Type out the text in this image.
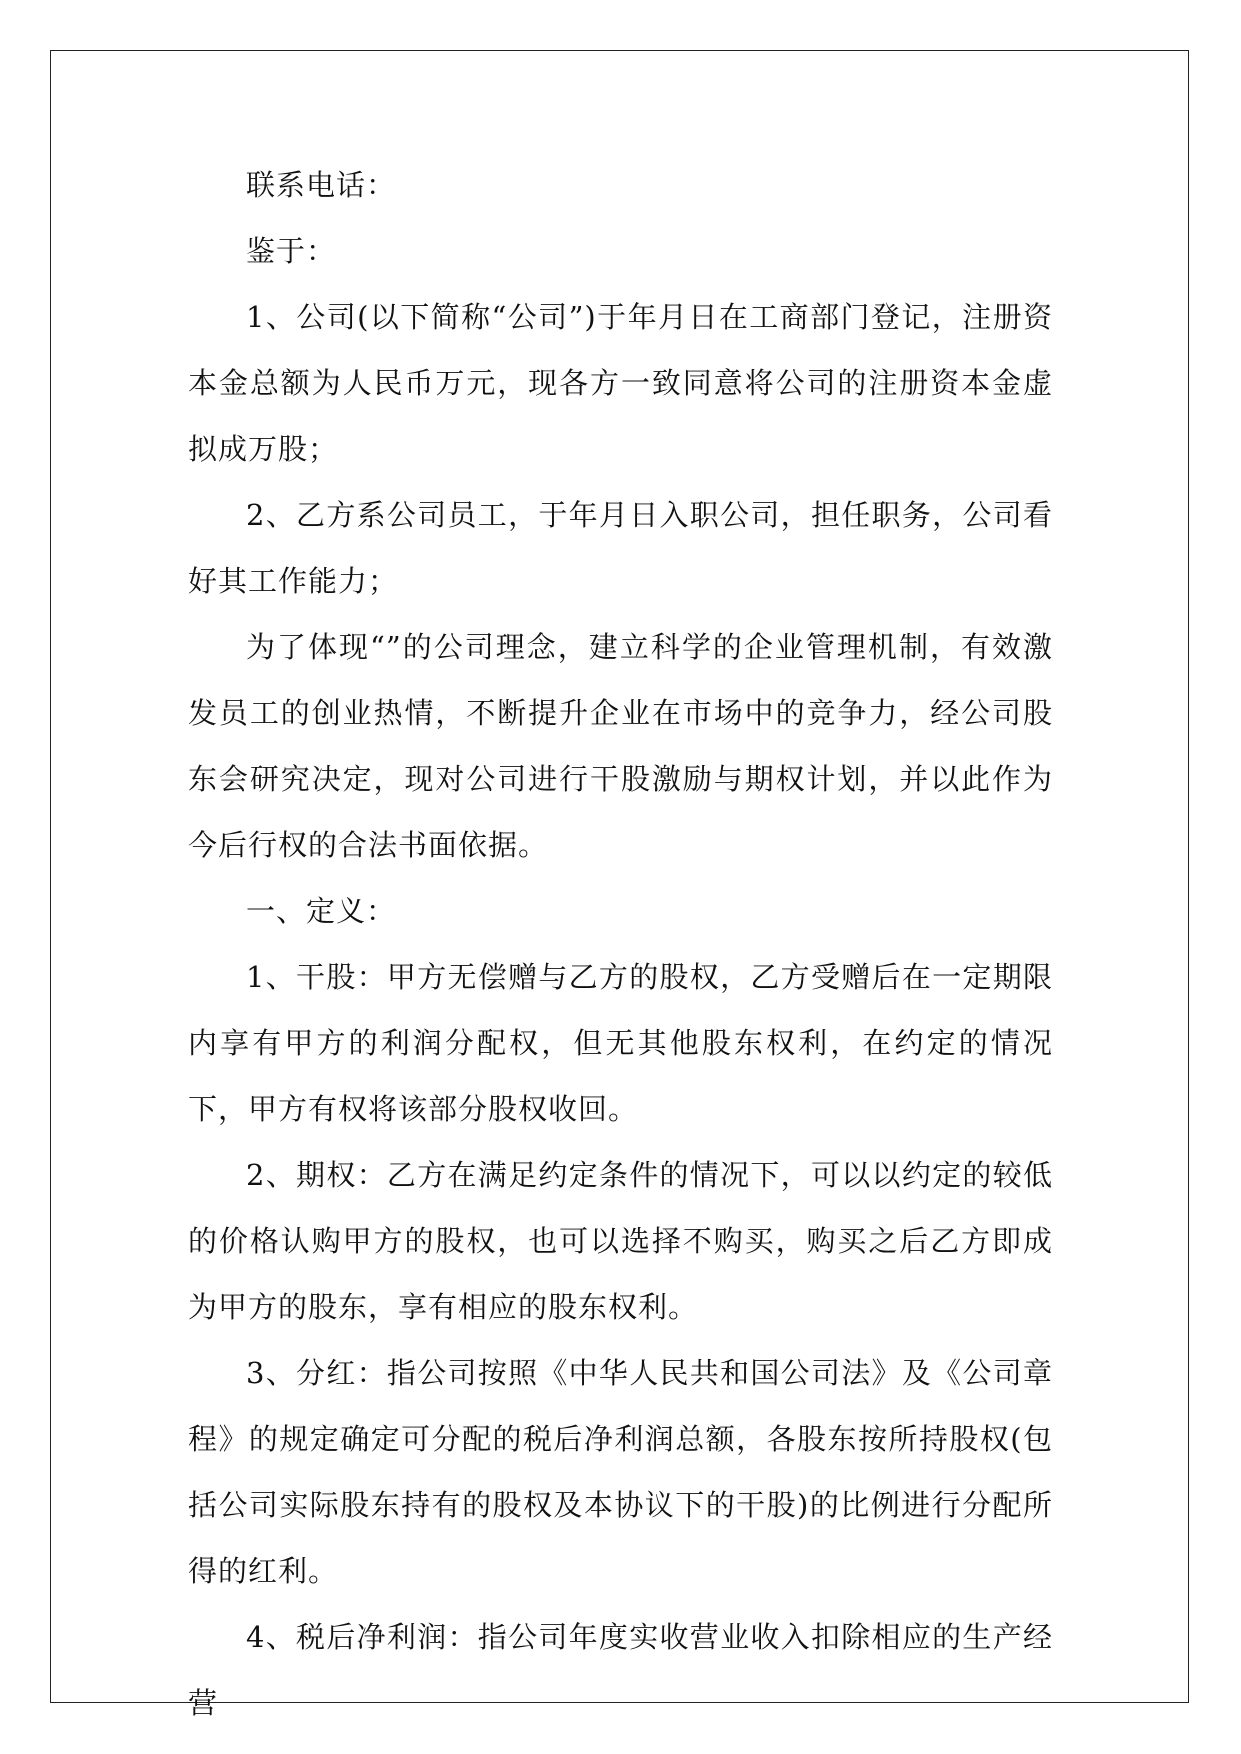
联系电话：

鉴于：

1、公司(以下简称“公司”)于年月日在工商部门登记，注册资本金总额为人民币万元，现各方一致同意将公司的注册资本金虚拟成万股；

2、乙方系公司员工，于年月日入职公司，担任职务，公司看好其工作能力；

为了体现“”的公司理念，建立科学的企业管理机制，有效激发员工的创业热情，不断提升企业在市场中的竞争力，经公司股东会研究决定，现对公司进行干股激励与期权计划，并以此作为今后行权的合法书面依据。

一、定义：

1、干股：甲方无偿赠与乙方的股权，乙方受赠后在一定期限内享有甲方的利润分配权，但无其他股东权利，在约定的情况下，甲方有权将该部分股权收回。

2、期权：乙方在满足约定条件的情况下，可以以约定的较低的价格认购甲方的股权，也可以选择不购买，购买之后乙方即成为甲方的股东，享有相应的股东权利。

3、分红：指公司按照《中华人民共和国公司法》及《公司章程》的规定确定可分配的税后净利润总额，各股东按所持股权(包括公司实际股东持有的股权及本协议下的干股)的比例进行分配所得的红利。

4、税后净利润：指公司年度实收营业收入扣除相应的生产经营
